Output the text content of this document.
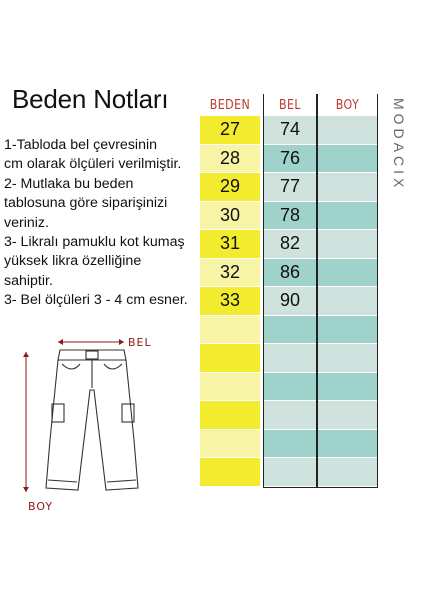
Beden Notları
1-Tabloda bel çevresinin
cm olarak ölçüleri verilmiştir.
2- Mutlaka bu beden
tablosuna göre siparişinizi
veriniz.
3- Likralı pamuklu kot kumaş
yüksek likra özelliğine
sahiptir.
3- Bel ölçüleri 3 - 4 cm esner.
BEDEN
27
28
29
30
31
32
33
BEL
74
76
77
78
82
86
90
BOY	MODACIX
BEL
BOY
